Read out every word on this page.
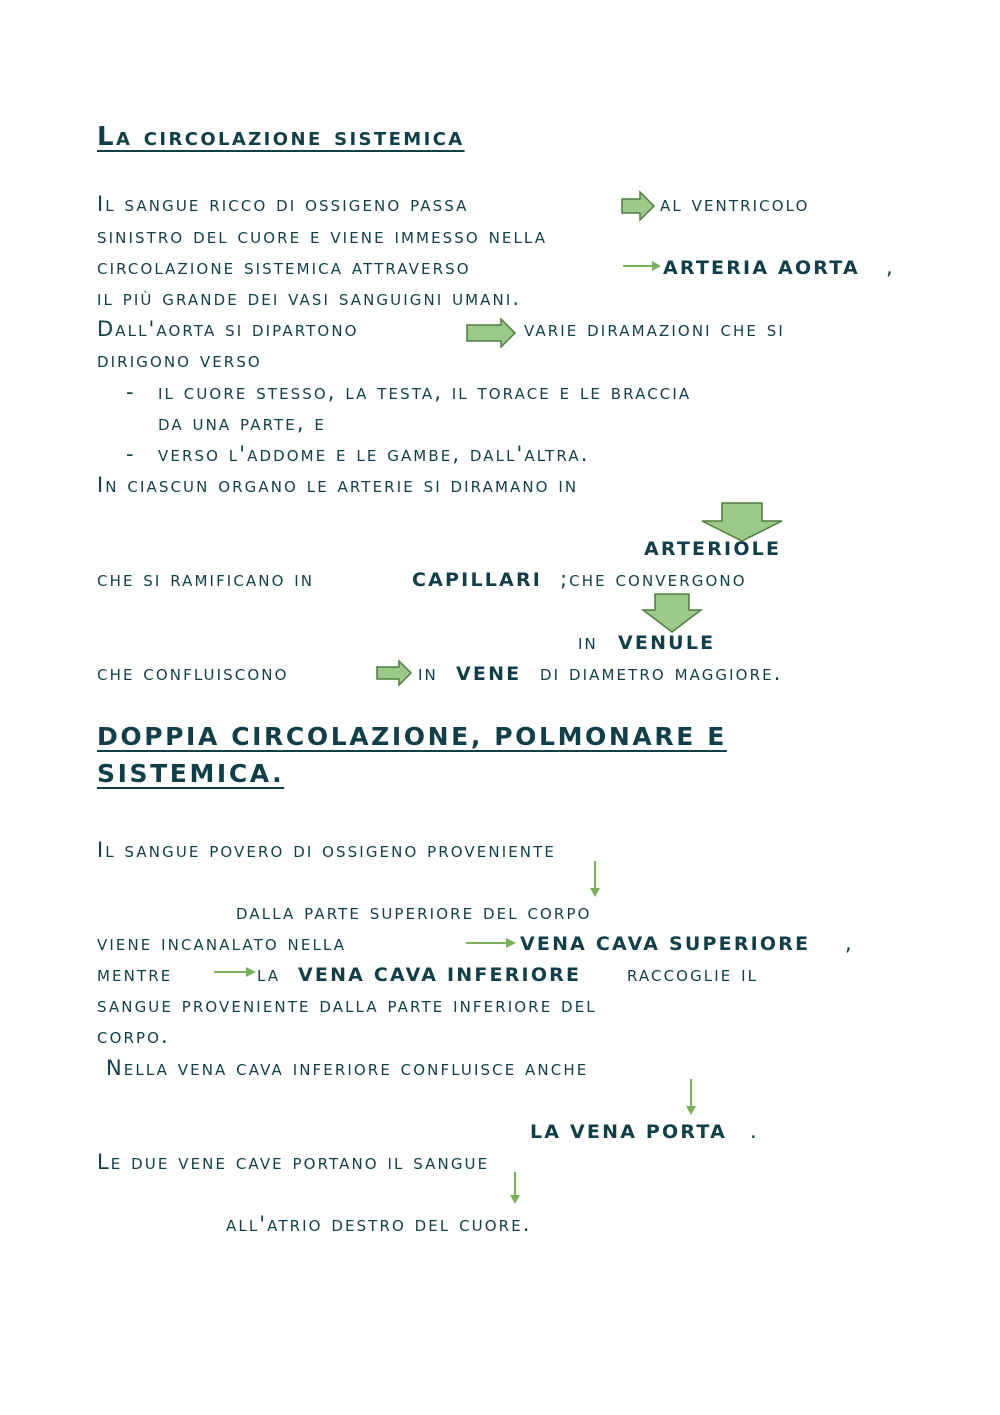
La circolazione sistemica
Il sangue ricco di ossigeno passa	al ventricolo
sinistro del cuore e viene immesso nella
circolazione sistemica attraverso	ARTERIA AORTA ,
il più grande dei vasi sanguigni umani.
Dall'aorta si dipartono	varie diramazioni che si
dirigono verso
- il cuore stesso, la testa, il torace e le braccia
da una parte, e
- verso l'addome e le gambe, dall'altra.
In ciascun organo le arterie si diramano in
ARTERIOLE
che si ramificano in	CAPILLARI ;che convergono
in VENULE
che confluiscono	in VENE di diametro maggiore.
DOPPIA CIRCOLAZIONE, POLMONARE E
SISTEMICA.
Il sangue povero di ossigeno proveniente
dalla parte superiore del corpo
viene incanalato nella	VENA CAVA SUPERIORE ,
mentre	la VENA CAVA INFERIORE raccoglie il
sangue proveniente dalla parte inferiore del
corpo.
Nella vena cava inferiore confluisce anche
LA VENA PORTA .
Le due vene cave portano il sangue
all'atrio destro del cuore.
